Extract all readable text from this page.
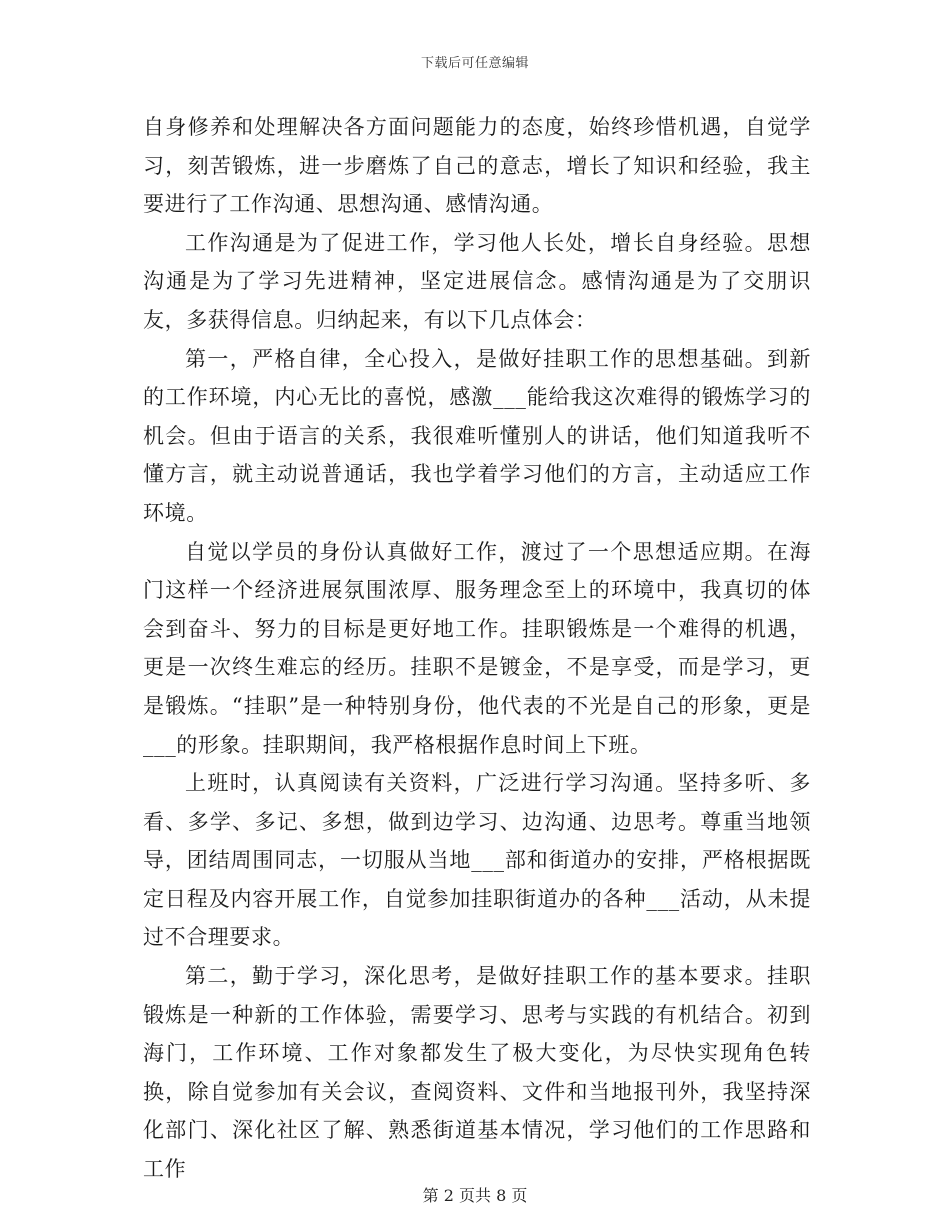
下载后可任意编辑

自身修养和处理解决各方面问题能力的态度，始终珍惜机遇，自觉学习，刻苦锻炼，进一步磨炼了自己的意志，增长了知识和经验，我主要进行了工作沟通、思想沟通、感情沟通。

工作沟通是为了促进工作，学习他人长处，增长自身经验。思想沟通是为了学习先进精神，坚定进展信念。感情沟通是为了交朋识友，多获得信息。归纳起来，有以下几点体会：

第一，严格自律，全心投入，是做好挂职工作的思想基础。到新的工作环境，内心无比的喜悦，感激___能给我这次难得的锻炼学习的机会。但由于语言的关系，我很难听懂别人的讲话，他们知道我听不懂方言，就主动说普通话，我也学着学习他们的方言，主动适应工作环境。

自觉以学员的身份认真做好工作，渡过了一个思想适应期。在海门这样一个经济进展氛围浓厚、服务理念至上的环境中，我真切的体会到奋斗、努力的目标是更好地工作。挂职锻炼是一个难得的机遇，更是一次终生难忘的经历。挂职不是镀金，不是享受，而是学习，更是锻炼。“挂职”是一种特别身份，他代表的不光是自己的形象，更是___的形象。挂职期间，我严格根据作息时间上下班。

上班时，认真阅读有关资料，广泛进行学习沟通。坚持多听、多看、多学、多记、多想，做到边学习、边沟通、边思考。尊重当地领导，团结周围同志，一切服从当地___部和街道办的安排，严格根据既定日程及内容开展工作，自觉参加挂职街道办的各种___活动，从未提过不合理要求。

第二，勤于学习，深化思考，是做好挂职工作的基本要求。挂职锻炼是一种新的工作体验，需要学习、思考与实践的有机结合。初到海门，工作环境、工作对象都发生了极大变化，为尽快实现角色转换，除自觉参加有关会议，查阅资料、文件和当地报刊外，我坚持深化部门、深化社区了解、熟悉街道基本情况，学习他们的工作思路和工作

第 2 页共 8 页
